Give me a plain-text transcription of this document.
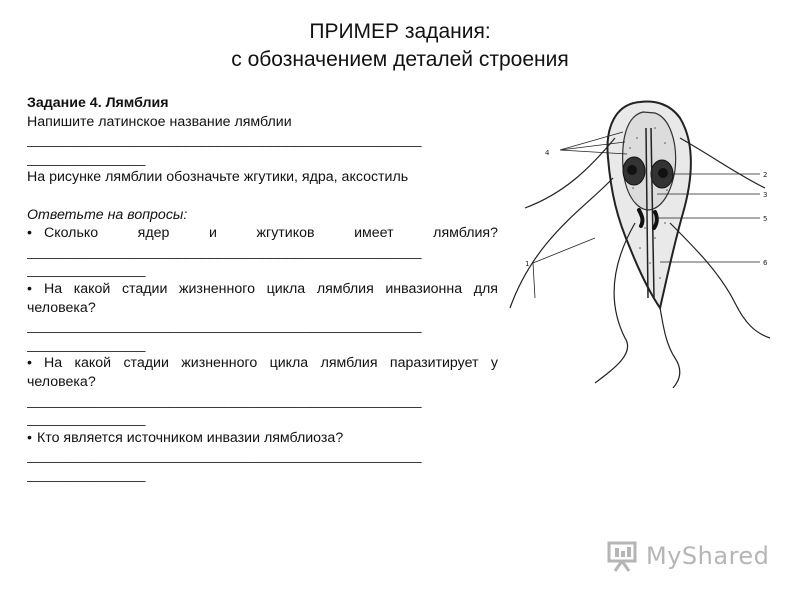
ПРИМЕР задания:
с обозначением деталей строения
Задание 4. Лямблия
Напишите латинское название лямблии
__________________________________________________
_______________
На рисунке лямблии обозначьте жгутики, ядра, аксостиль
Ответьте на вопросы:
• Сколько ядер и жгутиков имеет лямблия?
__________________________________________________
_______________
• На какой стадии жизненного цикла лямблия инвазионна для человека?
__________________________________________________
_______________
• На какой стадии жизненного цикла лямблия паразитирует у человека?
__________________________________________________
_______________
• Кто является источником инвазии лямблиоза?
__________________________________________________
_______________
4
2
3
5
6
1
MyShared
